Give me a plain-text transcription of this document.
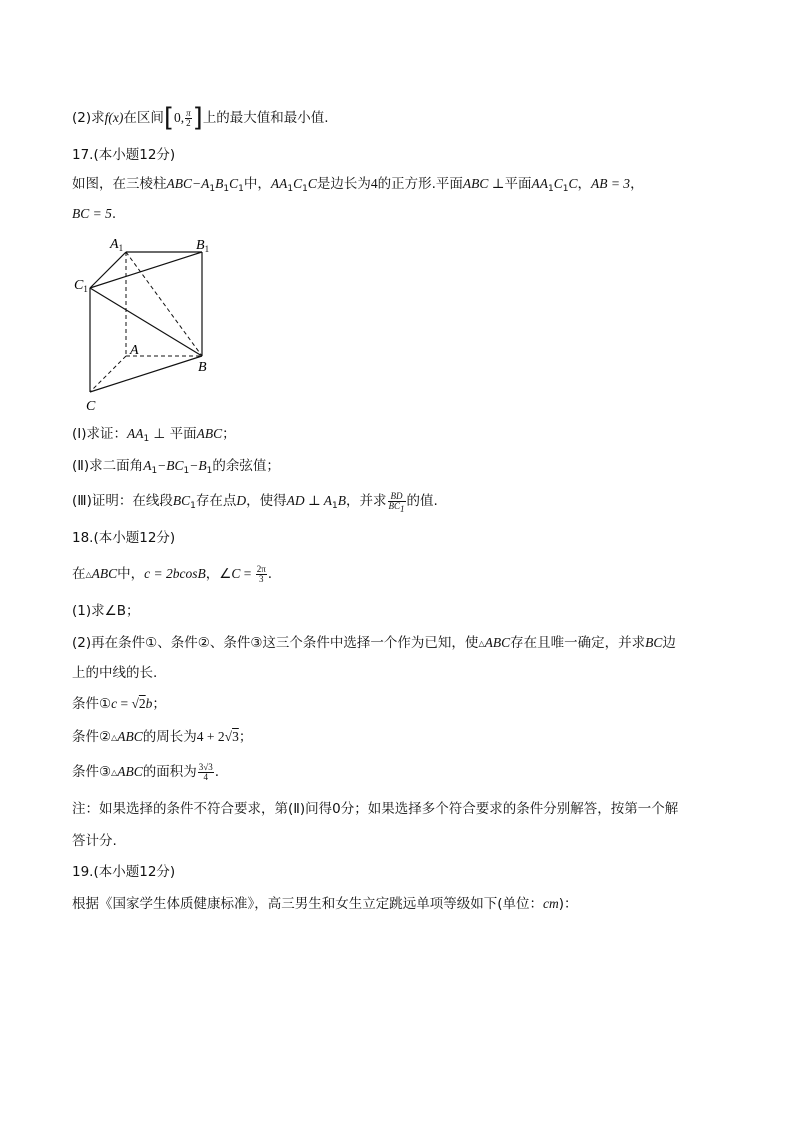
(2)求f(x)在区间[0, $\frac{\pi}{2}$ ]上的最大值和最小值.
17.(本小题12分)
如图，在三棱柱$ABC-A_1B_1C_1$中，$AA_1C_1C$是边长为4的正方形.平面ABC ⊥平面$AA_1C_1C$，AB = 3，
BC = 5.
$A_1$	$B_1$
$C_1$
A
B
C
(Ⅰ)求证：$AA_1$ ⊥ 平面ABC；
(Ⅱ)求二面角$A_1-BC_1-B_1$的余弦值；
(Ⅲ)证明：在线段$BC_1$存在点D，使得AD ⊥ $A_1B$，并求 $\frac{BD}{BC_1}$ 的值.
18.(本小题12分)
在△ABC中，c = 2bcosB，∠C = $\frac{2\pi}{3}$ .
(1)求∠B；
(2)再在条件①、条件②、条件③这三个条件中选择一个作为已知，使△ABC存在且唯一确定，并求BC边
上的中线的长.
条件①c = √2b；
条件②△ABC的周长为4 + 2√3；
条件③△ABC的面积为 $\frac{3√3}{4}$ .
注：如果选择的条件不符合要求，第(Ⅱ)问得0分；如果选择多个符合要求的条件分别解答，按第一个解
答计分.
19.(本小题12分)
根据《国家学生体质健康标准》，高三男生和女生立定跳远单项等级如下(单位：cm)：
